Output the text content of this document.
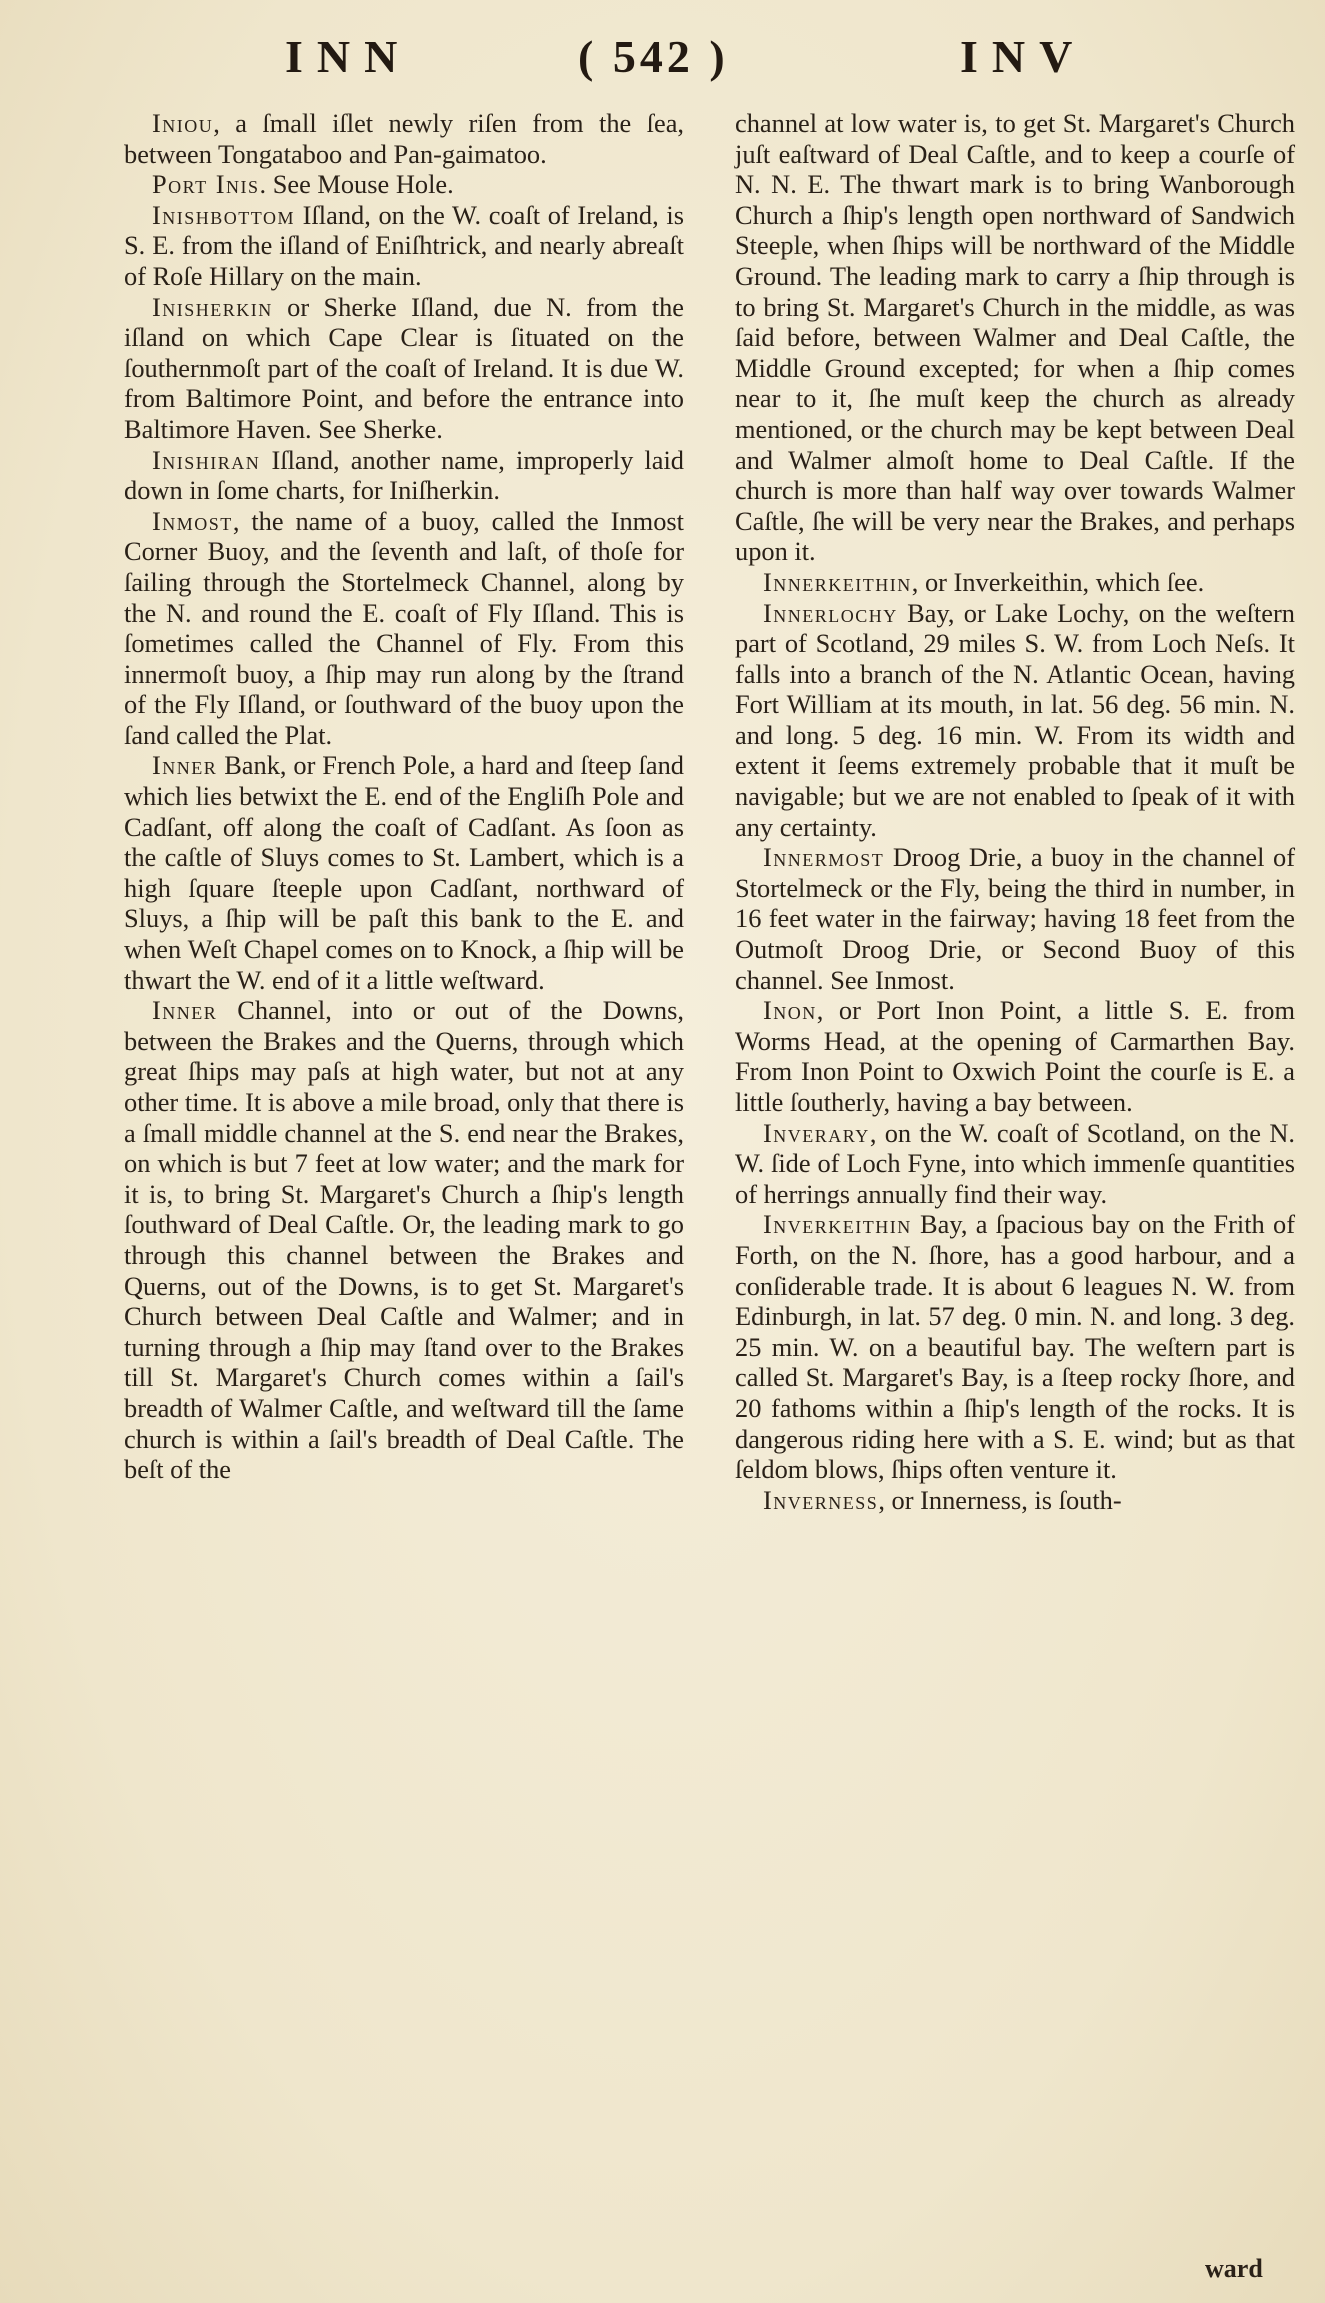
INN	( 542 )	INV

Iniou, a ſmall iſlet newly riſen from the ſea, between Tongataboo and Pan-gaimatoo.

Port Inis. See Mouse Hole.

Inishbottom Iſland, on the W. coaſt of Ireland, is S. E. from the iſland of Eniſhtrick, and nearly abreaſt of Roſe Hillary on the main.

Inisherkin or Sherke Iſland, due N. from the iſland on which Cape Clear is ſituated on the ſouthernmoſt part of the coaſt of Ireland. It is due W. from Baltimore Point, and before the entrance into Baltimore Haven. See Sherke.

Inishiran Iſland, another name, improperly laid down in ſome charts, for Iniſherkin.

Inmost, the name of a buoy, called the Inmost Corner Buoy, and the ſeventh and laſt, of thoſe for ſailing through the Stortelmeck Channel, along by the N. and round the E. coaſt of Fly Iſland. This is ſometimes called the Channel of Fly. From this innermoſt buoy, a ſhip may run along by the ſtrand of the Fly Iſland, or ſouthward of the buoy upon the ſand called the Plat.

Inner Bank, or French Pole, a hard and ſteep ſand which lies betwixt the E. end of the Engliſh Pole and Cadſant, off along the coaſt of Cadſant. As ſoon as the caſtle of Sluys comes to St. Lambert, which is a high ſquare ſteeple upon Cadſant, northward of Sluys, a ſhip will be paſt this bank to the E. and when Weſt Chapel comes on to Knock, a ſhip will be thwart the W. end of it a little weſtward.

Inner Channel, into or out of the Downs, between the Brakes and the Querns, through which great ſhips may paſs at high water, but not at any other time. It is above a mile broad, only that there is a ſmall middle channel at the S. end near the Brakes, on which is but 7 feet at low water; and the mark for it is, to bring St. Margaret's Church a ſhip's length ſouthward of Deal Caſtle. Or, the leading mark to go through this channel between the Brakes and Querns, out of the Downs, is to get St. Margaret's Church between Deal Caſtle and Walmer; and in turning through a ſhip may ſtand over to the Brakes till St. Margaret's Church comes within a ſail's breadth of Walmer Caſtle, and weſtward till the ſame church is within a ſail's breadth of Deal Caſtle. The beſt of the

channel at low water is, to get St. Margaret's Church juſt eaſtward of Deal Caſtle, and to keep a courſe of N. N. E. The thwart mark is to bring Wanborough Church a ſhip's length open northward of Sandwich Steeple, when ſhips will be northward of the Middle Ground. The leading mark to carry a ſhip through is to bring St. Margaret's Church in the middle, as was ſaid before, between Walmer and Deal Caſtle, the Middle Ground excepted; for when a ſhip comes near to it, ſhe muſt keep the church as already mentioned, or the church may be kept between Deal and Walmer almoſt home to Deal Caſtle. If the church is more than half way over towards Walmer Caſtle, ſhe will be very near the Brakes, and perhaps upon it.

Innerkeithin, or Inverkeithin, which ſee.

Innerlochy Bay, or Lake Lochy, on the weſtern part of Scotland, 29 miles S. W. from Loch Neſs. It falls into a branch of the N. Atlantic Ocean, having Fort William at its mouth, in lat. 56 deg. 56 min. N. and long. 5 deg. 16 min. W. From its width and extent it ſeems extremely probable that it muſt be navigable; but we are not enabled to ſpeak of it with any certainty.

Innermost Droog Drie, a buoy in the channel of Stortelmeck or the Fly, being the third in number, in 16 feet water in the fairway; having 18 feet from the Outmoſt Droog Drie, or Second Buoy of this channel. See Inmost.

Inon, or Port Inon Point, a little S. E. from Worms Head, at the opening of Carmarthen Bay. From Inon Point to Oxwich Point the courſe is E. a little ſoutherly, having a bay between.

Inverary, on the W. coaſt of Scotland, on the N. W. ſide of Loch Fyne, into which immenſe quantities of herrings annually find their way.

Inverkeithin Bay, a ſpacious bay on the Frith of Forth, on the N. ſhore, has a good harbour, and a conſiderable trade. It is about 6 leagues N. W. from Edinburgh, in lat. 57 deg. 0 min. N. and long. 3 deg. 25 min. W. on a beautiful bay. The weſtern part is called St. Margaret's Bay, is a ſteep rocky ſhore, and 20 fathoms within a ſhip's length of the rocks. It is dangerous riding here with a S. E. wind; but as that ſeldom blows, ſhips often venture it.

Inverness, or Innerness, is ſouth-

ward
